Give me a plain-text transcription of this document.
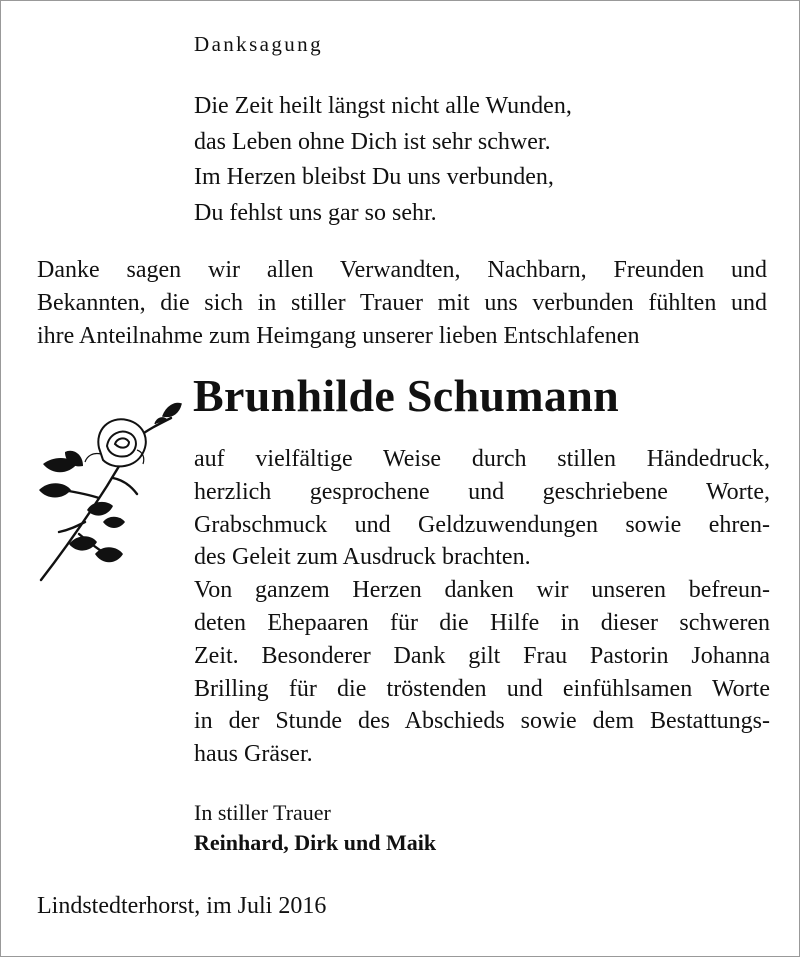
Danksagung
Die Zeit heilt längst nicht alle Wunden,
das Leben ohne Dich ist sehr schwer.
Im Herzen bleibst Du uns verbunden,
Du fehlst uns gar so sehr.
Danke sagen wir allen Verwandten, Nachbarn, Freunden und
Bekannten, die sich in stiller Trauer mit uns verbunden fühlten und
ihre Anteilnahme zum Heimgang unserer lieben Entschlafenen
Brunhilde Schumann
auf vielfältige Weise durch stillen Händedruck,
herzlich gesprochene und geschriebene Worte,
Grabschmuck und Geldzuwendungen sowie ehren-
des Geleit zum Ausdruck brachten.
Von ganzem Herzen danken wir unseren befreun-
deten Ehepaaren für die Hilfe in dieser schweren
Zeit. Besonderer Dank gilt Frau Pastorin Johanna
Brilling für die tröstenden und einfühlsamen Worte
in der Stunde des Abschieds sowie dem Bestattungs-
haus Gräser.
In stiller Trauer
Reinhard, Dirk und Maik
Lindstedterhorst, im Juli 2016
